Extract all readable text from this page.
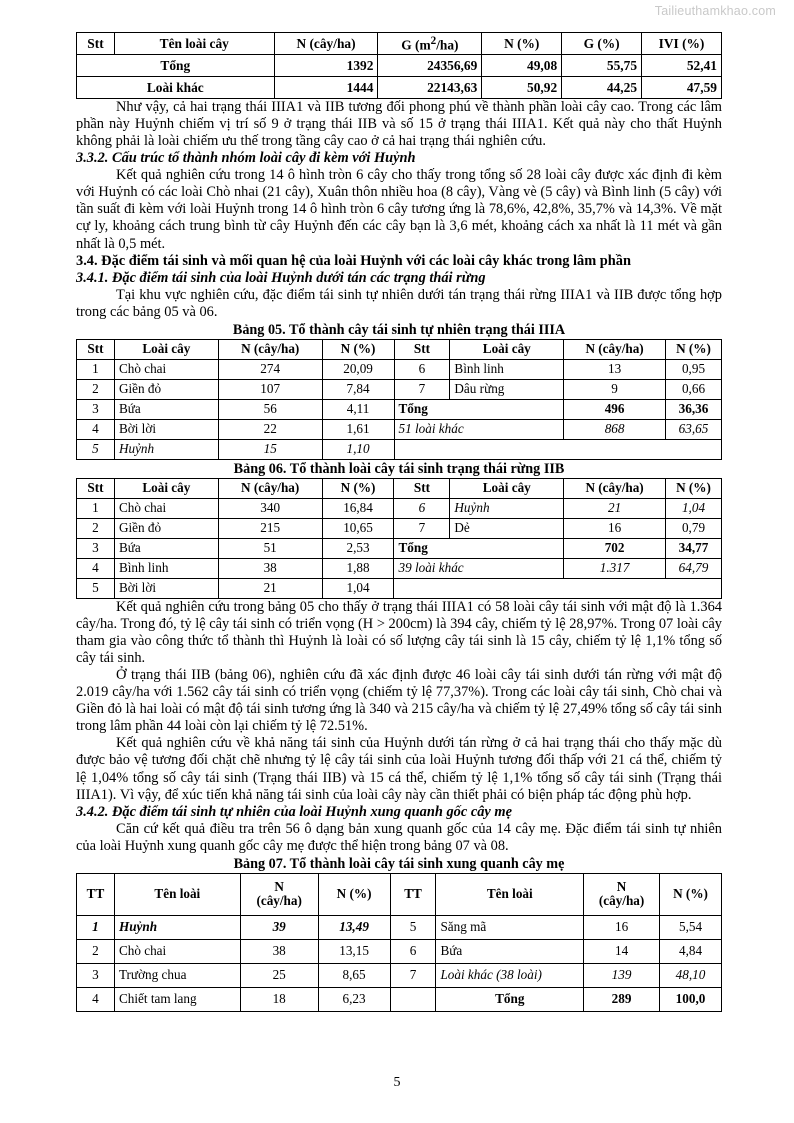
Tailieuthamkhao.com
Stt	Tên loài cây	N (cây/ha)	G $(m^2/ha)$	N (%)	G (%)	IVI (%)
Tổng		1392	24356,69	49,08	55,75	52,41
Loài khác		1444	22143,63	50,92	44,25	47,59

Như vậy, cả hai trạng thái IIIA1 và IIB tương đối phong phú về thành phần loài cây cao. Trong các lâm phần này Huỷnh chiếm vị trí số 9 ở trạng thái IIB và số 15 ở trạng thái IIIA1. Kết quả này cho thất Huỷnh không phải là loài chiếm ưu thế trong tầng cây cao ở cả hai trạng thái nghiên cứu.

3.3.2. Cấu trúc tổ thành nhóm loài cây đi kèm với Huỷnh

Kết quả nghiên cứu trong 14 ô hình tròn 6 cây cho thấy trong tổng số 28 loài cây được xác định đi kèm với Huỷnh có các loài Chò nhai (21 cây), Xuân thôn nhiều hoa (8 cây), Vàng vè (5 cây) và Bình linh (5 cây) với tần suất đi kèm với loài Huỷnh trong 14 ô hình tròn 6 cây tương ứng là 78,6%, 42,8%, 35,7% và 14,3%. Về mặt cự ly, khoảng cách trung bình từ cây Huỷnh đến các cây bạn là 3,6 mét, khoảng cách xa nhất là 11 mét và gần nhất là 0,5 mét.

3.4. Đặc điểm tái sinh và mối quan hệ của loài Huỷnh với các loài cây khác trong lâm phần
3.4.1. Đặc điểm tái sinh của loài Huỷnh dưới tán các trạng thái rừng

Tại khu vực nghiên cứu, đặc điểm tái sinh tự nhiên dưới tán trạng thái rừng IIIA1 và IIB được tổng hợp trong các bảng 05 và 06.

Bảng 05. Tổ thành cây tái sinh tự nhiên trạng thái IIIA
Stt	Loài cây	N (cây/ha)	N (%)	Stt	Loài cây	N (cây/ha)	N (%)
1	Chò chai	274	20,09	6	Bình linh	13	0,95
2	Giền đỏ	107	7,84	7	Dâu rừng	9	0,66
3	Bứa	56	4,11	Tổng		496	36,36
4	Bời lời	22	1,61	51 loài khác		868	63,65
5	Huỷnh	15	1,10				
Bảng 06. Tổ thành loài cây tái sinh trạng thái rừng IIB
Stt	Loài cây	N (cây/ha)	N (%)	Stt	Loài cây	N (cây/ha)	N (%)
1	Chò chai	340	16,84	6	Huỷnh	21	1,04
2	Giền đỏ	215	10,65	7	Dẻ	16	0,79
3	Bứa	51	2,53	Tổng		702	34,77
4	Bình linh	38	1,88	39 loài khác		1.317	64,79
5	Bời lời	21	1,04				

Kết quả nghiên cứu trong bảng 05 cho thấy ở trạng thái IIIA1 có 58 loài cây tái sinh với mật độ là 1.364 cây/ha. Trong đó, tỷ lệ cây tái sinh có triển vọng (H > 200cm) là 394 cây, chiếm tỷ lệ 28,97%. Trong 07 loài cây tham gia vào công thức tổ thành thì Huỷnh là loài có số lượng cây tái sinh là 15 cây, chiếm tỷ lệ 1,1% tổng số cây tái sinh.

Ở trạng thái IIB (bảng 06), nghiên cứu đã xác định được 46 loài cây tái sinh dưới tán rừng với mật độ 2.019 cây/ha với 1.562 cây tái sinh có triển vọng (chiếm tỷ lệ 77,37%). Trong các loài cây tái sinh, Chò chai và Giền đỏ là hai loài có mật độ tái sinh tương ứng là 340 và 215 cây/ha và chiếm tỷ lệ 27,49% tổng số cây tái sinh trong lâm phần 44 loài còn lại chiếm tỷ lệ 72.51%.

Kết quả nghiên cứu về khả năng tái sinh của Huỷnh dưới tán rừng ở cả hai trạng thái cho thấy mặc dù được bảo vệ tương đối chặt chẽ nhưng tỷ lệ cây tái sinh của loài Huỷnh tương đối thấp với 21 cá thể, chiếm tỷ lệ 1,04% tổng số cây tái sinh (Trạng thái IIB) và 15 cá thể, chiếm tỷ lệ 1,1% tổng số cây tái sinh (Trạng thái IIIA1). Vì vậy, để xúc tiến khả năng tái sinh của loài cây này cần thiết phải có biện pháp tác động phù hợp.

3.4.2. Đặc điểm tái sinh tự nhiên của loài Huỷnh xung quanh gốc cây mẹ

Căn cứ kết quả điều tra trên 56 ô dạng bản xung quanh gốc của 14 cây mẹ. Đặc điểm tái sinh tự nhiên của loài Huỷnh xung quanh gốc cây mẹ được thể hiện trong bảng 07 và 08.

Bảng 07. Tổ thành loài cây tái sinh xung quanh cây mẹ
TT	Tên loài	N
(cây/ha)	N (%)	TT	Tên loài	N
(cây/ha)	N (%)
1	Huỷnh	39	13,49	5	Săng mã	16	5,54
2	Chò chai	38	13,15	6	Bứa	14	4,84
3	Trường chua	25	8,65	7	Loài khác (38 loài)	139	48,10
4	Chiết tam lang	18	6,23		Tổng	289	100,0
5
